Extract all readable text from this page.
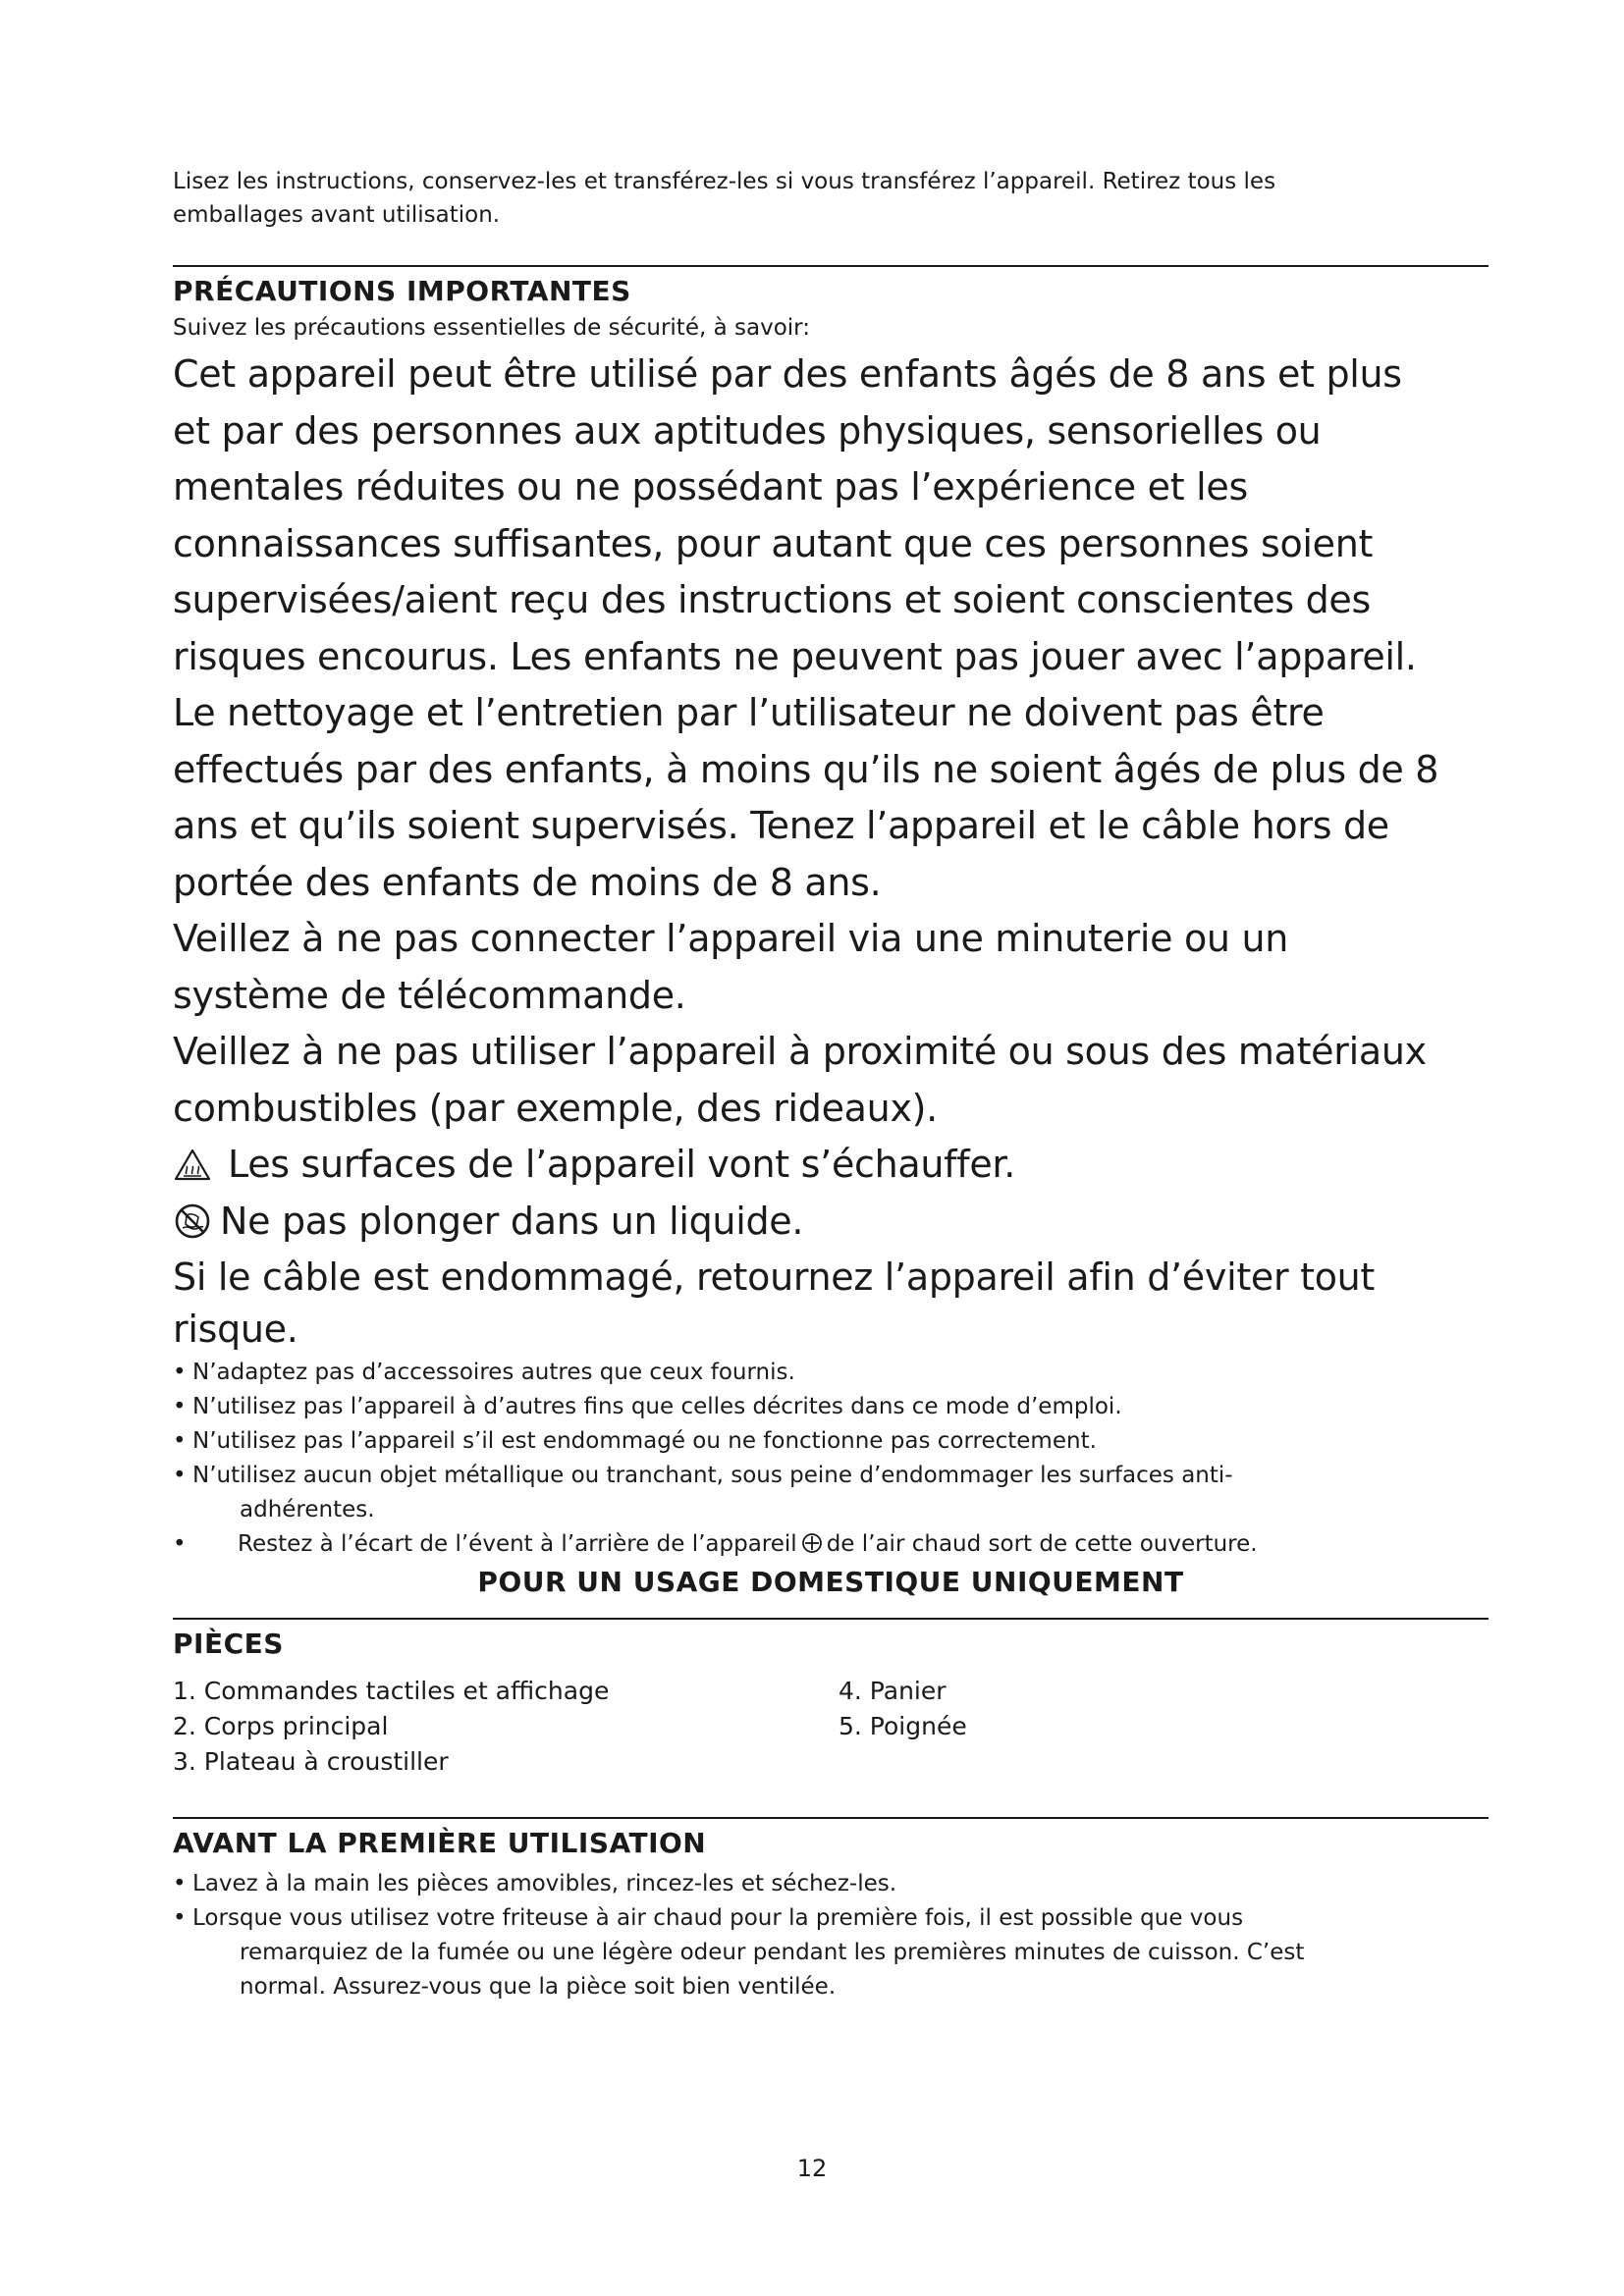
Lisez les instructions, conservez-les et transférez-les si vous transférez l’appareil. Retirez tous les
emballages avant utilisation.

PRÉCAUTIONS IMPORTANTES

Suivez les précautions essentielles de sécurité, à savoir:

Cet appareil peut être utilisé par des enfants âgés de 8 ans et plus

et par des personnes aux aptitudes physiques, sensorielles ou

mentales réduites ou ne possédant pas l’expérience et les

connaissances suffisantes, pour autant que ces personnes soient

supervisées/aient reçu des instructions et soient conscientes des

risques encourus. Les enfants ne peuvent pas jouer avec l’appareil.

Le nettoyage et l’entretien par l’utilisateur ne doivent pas être

effectués par des enfants, à moins qu’ils ne soient âgés de plus de 8

ans et qu’ils soient supervisés. Tenez l’appareil et le câble hors de

portée des enfants de moins de 8 ans.

Veillez à ne pas connecter l’appareil via une minuterie ou un

système de télécommande.

Veillez à ne pas utiliser l’appareil à proximité ou sous des matériaux

combustibles (par exemple, des rideaux).

Les surfaces de l’appareil vont s’échauffer.

Ne pas plonger dans un liquide.

Si le câble est endommagé, retournez l’appareil afin d’éviter tout

risque.

• N’adaptez pas d’accessoires autres que ceux fournis.
• N’utilisez pas l’appareil à d’autres fins que celles décrites dans ce mode d’emploi.
• N’utilisez pas l’appareil s’il est endommagé ou ne fonctionne pas correctement.
• N’utilisez aucun objet métallique ou tranchant, sous peine d’endommager les surfaces anti-
adhérentes.
• Restez à l’écart de l’évent à l’arrière de l’appareil de l’air chaud sort de cette ouverture.

POUR UN USAGE DOMESTIQUE UNIQUEMENT

PIÈCES
1. Commandes tactiles et affichage
2. Corps principal
3. Plateau à croustiller
4. Panier
5. Poignée
AVANT LA PREMIÈRE UTILISATION
• Lavez à la main les pièces amovibles, rincez-les et séchez-les.
• Lorsque vous utilisez votre friteuse à air chaud pour la première fois, il est possible que vous
remarquiez de la fumée ou une légère odeur pendant les premières minutes de cuisson. C’est
normal. Assurez-vous que la pièce soit bien ventilée.
12
